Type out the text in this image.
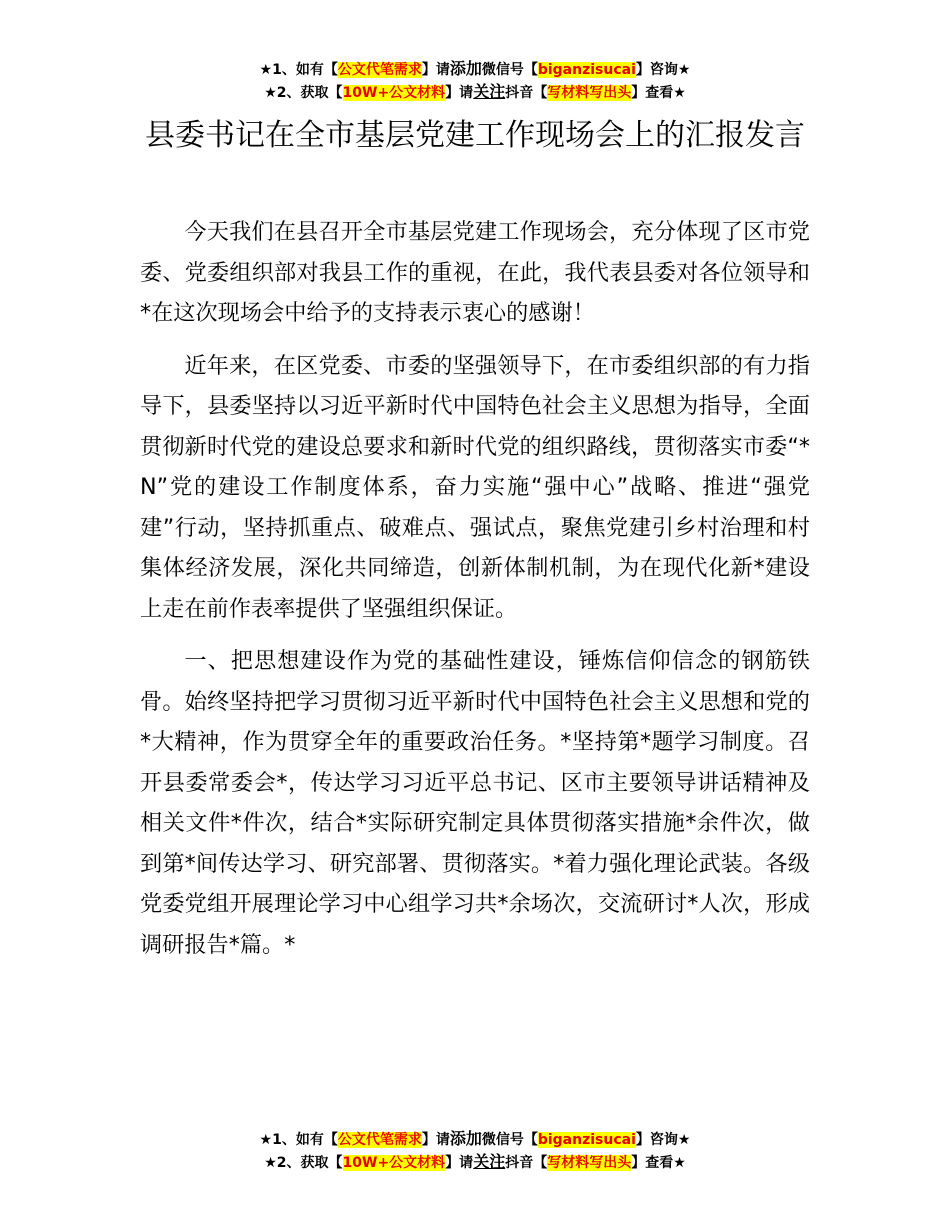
★1、如有【公文代笔需求】请添加微信号【biganzisucai】咨询★
★2、获取【10W+公文材料】请关注抖音【写材料写出头】查看★
县委书记在全市基层党建工作现场会上的汇报发言

今天我们在县召开全市基层党建工作现场会，充分体现了区市党委、党委组织部对我县工作的重视，在此，我代表县委对各位领导和*在这次现场会中给予的支持表示衷心的感谢！

近年来，在区党委、市委的坚强领导下，在市委组织部的有力指导下，县委坚持以习近平新时代中国特色社会主义思想为指导，全面贯彻新时代党的建设总要求和新时代党的组织路线，贯彻落实市委“*N”党的建设工作制度体系，奋力实施“强中心”战略、推进“强党建”行动，坚持抓重点、破难点、强试点，聚焦党建引乡村治理和村集体经济发展，深化共同缔造，创新体制机制，为在现代化新*建设上走在前作表率提供了坚强组织保证。

一、把思想建设作为党的基础性建设，锤炼信仰信念的钢筋铁骨。始终坚持把学习贯彻习近平新时代中国特色社会主义思想和党的*大精神，作为贯穿全年的重要政治任务。*坚持第*题学习制度。召开县委常委会*，传达学习习近平总书记、区市主要领导讲话精神及相关文件*件次，结合*实际研究制定具体贯彻落实措施*余件次，做到第*间传达学习、研究部署、贯彻落实。*着力强化理论武装。各级党委党组开展理论学习中心组学习共*余场次，交流研讨*人次，形成调研报告*篇。*

★1、如有【公文代笔需求】请添加微信号【biganzisucai】咨询★
★2、获取【10W+公文材料】请关注抖音【写材料写出头】查看★
